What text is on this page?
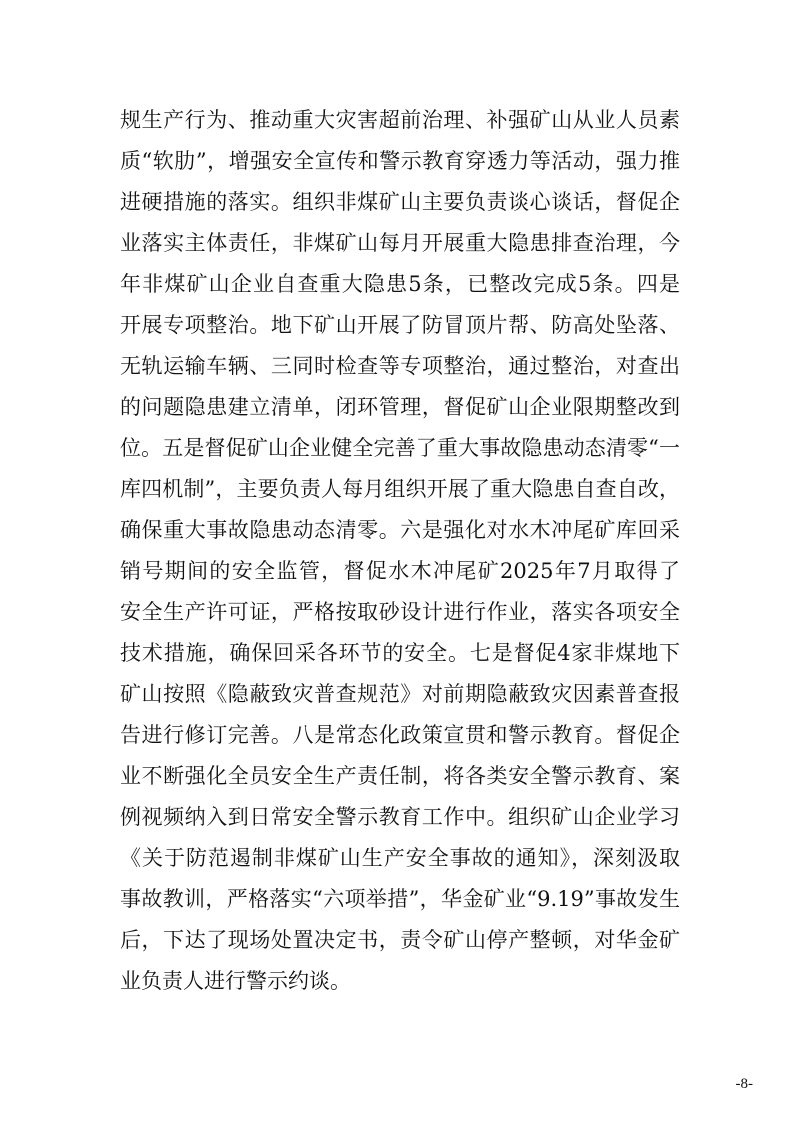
规生产行为、推动重大灾害超前治理、补强矿山从业人员素
质“软肋”，增强安全宣传和警示教育穿透力等活动，强力推
进硬措施的落实。组织非煤矿山主要负责谈心谈话，督促企
业落实主体责任，非煤矿山每月开展重大隐患排查治理，今
年非煤矿山企业自查重大隐患5条，已整改完成5条。四是
开展专项整治。地下矿山开展了防冒顶片帮、防高处坠落、
无轨运输车辆、三同时检查等专项整治，通过整治，对查出
的问题隐患建立清单，闭环管理，督促矿山企业限期整改到
位。五是督促矿山企业健全完善了重大事故隐患动态清零“一
库四机制”，主要负责人每月组织开展了重大隐患自查自改，
确保重大事故隐患动态清零。六是强化对水木冲尾矿库回采
销号期间的安全监管，督促水木冲尾矿2025年7月取得了
安全生产许可证，严格按取砂设计进行作业，落实各项安全
技术措施，确保回采各环节的安全。七是督促4家非煤地下
矿山按照《隐蔽致灾普查规范》对前期隐蔽致灾因素普查报
告进行修订完善。八是常态化政策宣贯和警示教育。督促企
业不断强化全员安全生产责任制，将各类安全警示教育、案
例视频纳入到日常安全警示教育工作中。组织矿山企业学习
《关于防范遏制非煤矿山生产安全事故的通知》，深刻汲取
事故教训，严格落实“六项举措”，华金矿业“9.19”事故发生
后，下达了现场处置决定书，责令矿山停产整顿，对华金矿
业负责人进行警示约谈。
-8-
